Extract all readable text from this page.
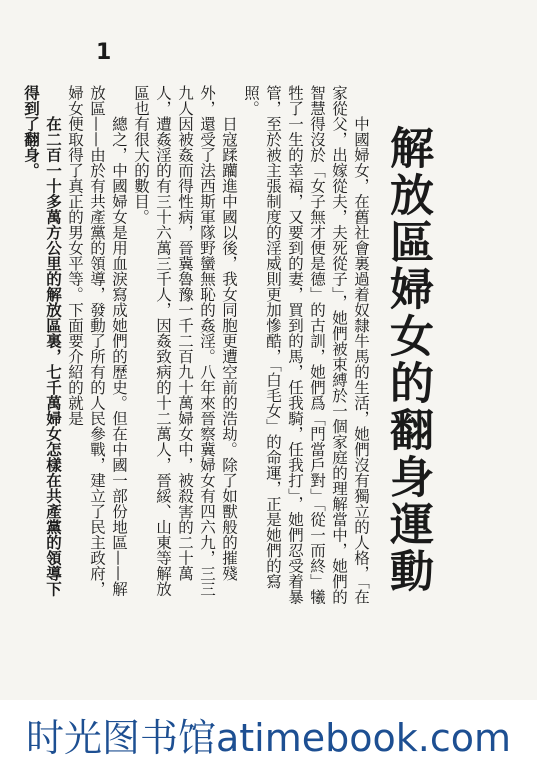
1
解放區婦女的翻身運動

中國婦女，在舊社會裏過着奴隸牛馬的生活，她們沒有獨立的人格，「在家從父，出嫁從夫，夫死從子」，她們被束縛於一個家庭的理解當中，她們的智慧得沒於「女子無才便是德」的古訓，她們爲「門當戶對」「從一而終」犧牲了一生的幸福，又要到的妻，買到的馬，任我騎，任我打」，她們忍受着暴管，至於被主張制度的淫威則更加慘酷，「白毛女」的命運，正是她們的寫照。

日寇蹂躪進中國以後，我女同胞更遭空前的浩劫。除了如獸般的摧殘外，還受了法西斯軍隊野蠻無恥的姦淫。八年來晉察冀婦女有四六九，三三九人因被姦而得性病，晉冀魯豫一千二百九十萬婦女中，被殺害的二十萬人，遭姦淫的有三十六萬三千人，因姦致病的十二萬人，晉綏、山東等解放區也有很大的數目。

總之，中國婦女是用血淚寫成她們的歷史。但在中國一部份地區——解放區——由於有共產黨的領導，發動了所有的人民參戰，建立了民主政府，婦女便取得了真正的男女平等。下面要介紹的就是

在二百一十多萬方公里的解放區裏，七千萬婦女怎樣在共產黨的領導下得到了翻身。

时光图书馆atimebook.com
